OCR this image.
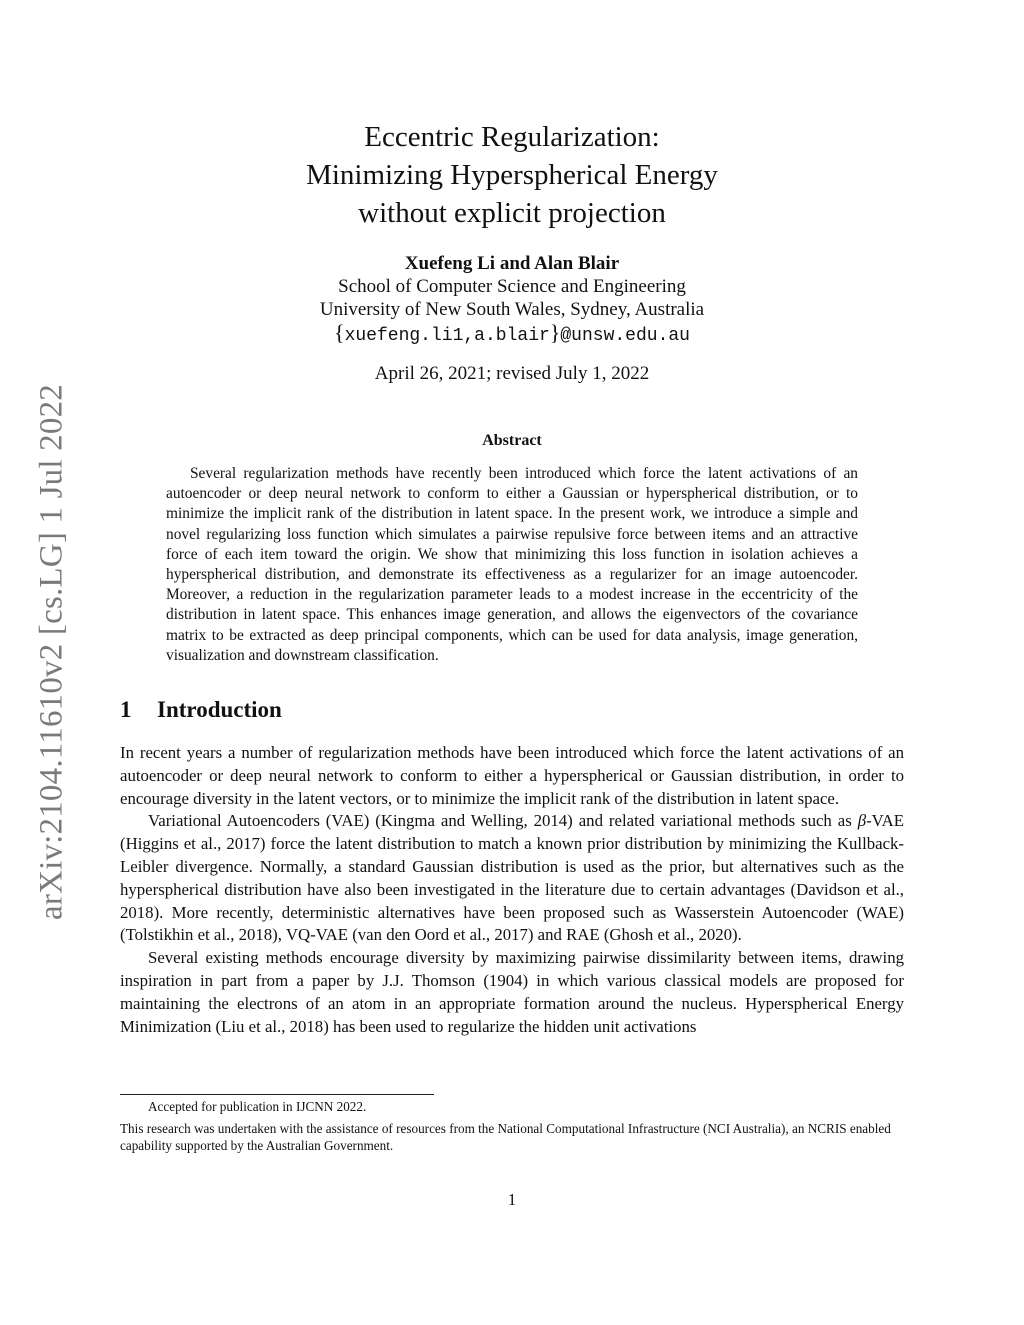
arXiv:2104.11610v2 [cs.LG] 1 Jul 2022
Eccentric Regularization:
Minimizing Hyperspherical Energy
without explicit projection
Xuefeng Li and Alan Blair
School of Computer Science and Engineering
University of New South Wales, Sydney, Australia
{xuefeng.li1,a.blair}@unsw.edu.au
April 26, 2021; revised July 1, 2022
Abstract

Several regularization methods have recently been introduced which force the latent activations of an autoencoder or deep neural network to conform to either a Gaussian or hyperspherical distribution, or to minimize the implicit rank of the distribution in latent space. In the present work, we introduce a simple and novel regularizing loss function which simulates a pairwise repulsive force between items and an attractive force of each item toward the origin. We show that minimizing this loss function in isolation achieves a hyperspherical distribution, and demonstrate its effectiveness as a regularizer for an image autoencoder. Moreover, a reduction in the regularization parameter leads to a modest increase in the eccentricity of the distribution in latent space. This enhances image generation, and allows the eigenvectors of the covariance matrix to be extracted as deep principal components, which can be used for data analysis, image generation, visualization and downstream classification.

1 Introduction

In recent years a number of regularization methods have been introduced which force the latent activations of an autoencoder or deep neural network to conform to either a hyperspherical or Gaussian distribution, in order to encourage diversity in the latent vectors, or to minimize the implicit rank of the distribution in latent space.

Variational Autoencoders (VAE) (Kingma and Welling, 2014) and related variational methods such as β-VAE (Higgins et al., 2017) force the latent distribution to match a known prior distribution by minimizing the Kullback-Leibler divergence. Normally, a standard Gaussian distribution is used as the prior, but alternatives such as the hyperspherical distribution have also been investigated in the literature due to certain advantages (Davidson et al., 2018). More recently, deterministic alternatives have been proposed such as Wasserstein Autoencoder (WAE) (Tolstikhin et al., 2018), VQ-VAE (van den Oord et al., 2017) and RAE (Ghosh et al., 2020).

Several existing methods encourage diversity by maximizing pairwise dissimilarity between items, drawing inspiration in part from a paper by J.J. Thomson (1904) in which various classical models are proposed for maintaining the electrons of an atom in an appropriate formation around the nucleus. Hyperspherical Energy Minimization (Liu et al., 2018) has been used to regularize the hidden unit activations

Accepted for publication in IJCNN 2022.

This research was undertaken with the assistance of resources from the National Computational Infrastructure (NCI Australia), an NCRIS enabled capability supported by the Australian Government.

1
